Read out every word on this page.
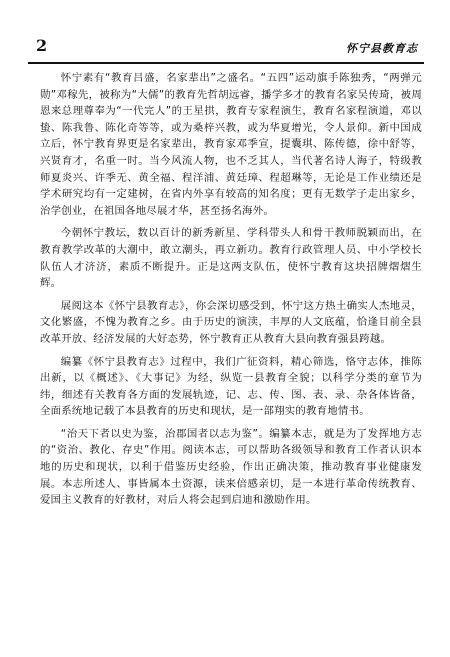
2	怀宁县教育志

怀宁素有“教育吕盛，名家辈出”之盛名。“五四”运动旗手陈独秀，“两弹元勋”邓稼先，被称为“大儒”的教育先哲胡远睿，播学多才的教育名家吴传琦，被周恩来总理尊奉为“一代完人”的王星拱，教育专家程演生，教育名家程演道，邓以蛰、陈我鲁、陈化奇等等，或为桑梓兴教，或为华夏增光，令人景仰。新中国成立后，怀宁教育界更是名家辈出，教育家邓季宣，提囊琪、陈传德，徐中舒等，兴贤育才，名重一时。当今风流人物，也不乏其人，当代著名诗人海子，特级教师夏炎兴、许季无、黄全福、程洋浦、黄廷璋、程超琳等，无论是工作业绩还是学术研究均有一定建树，在省内外享有较高的知名度；更有无数学子走出家乡，治学创业，在祖国各地尽展才华，甚至扬名海外。

今朝怀宁教坛，数以百计的新秀新星、学科带头人和骨干教师脱颖而出，在教育教学改革的大潮中，敢立潮头，再立新功。教育行政管理人员、中小学校长队伍人才济济，素质不断提升。正是这两支队伍，使怀宁教育这块招牌熠熠生辉。

展阅这本《怀宁县教育志》，你会深切感受到，怀宁这方热土确实人杰地灵，文化繁盛，不愧为教育之乡。由于历史的演渎，丰厚的人文底蕴，恰逢目前全县改革开放、经济发展的大好态势，怀宁教育正从教育大县向教育强县跨越。

编纂《怀宁县教育志》过程中，我们广征资料，精心筛选，恪守志体，推陈出新，以《概述》、《大事记》为经，纵览一县教育全貌；以科学分类的章节为纬，细述有关教育各方面的发展轨迹，记、志、传、图、表、录、杂各体皆备，全面系统地记载了本县教育的历史和现状，是一部翔实的教育地情书。

“治天下者以史为鉴，治郡国者以志为鉴”。编纂本志，就是为了发挥地方志的“资治、教化、存史”作用。阅读本志，可以帮助各级领导和教育工作者认识本地的历史和现状，以利于借鉴历史经验，作出正确决策，推动教育事业健康发展。本志所述人、事皆属本土资源，读来倍感亲切，是一本进行革命传统教育、爱国主义教育的好教材，对后人将会起到启迪和激励作用。
